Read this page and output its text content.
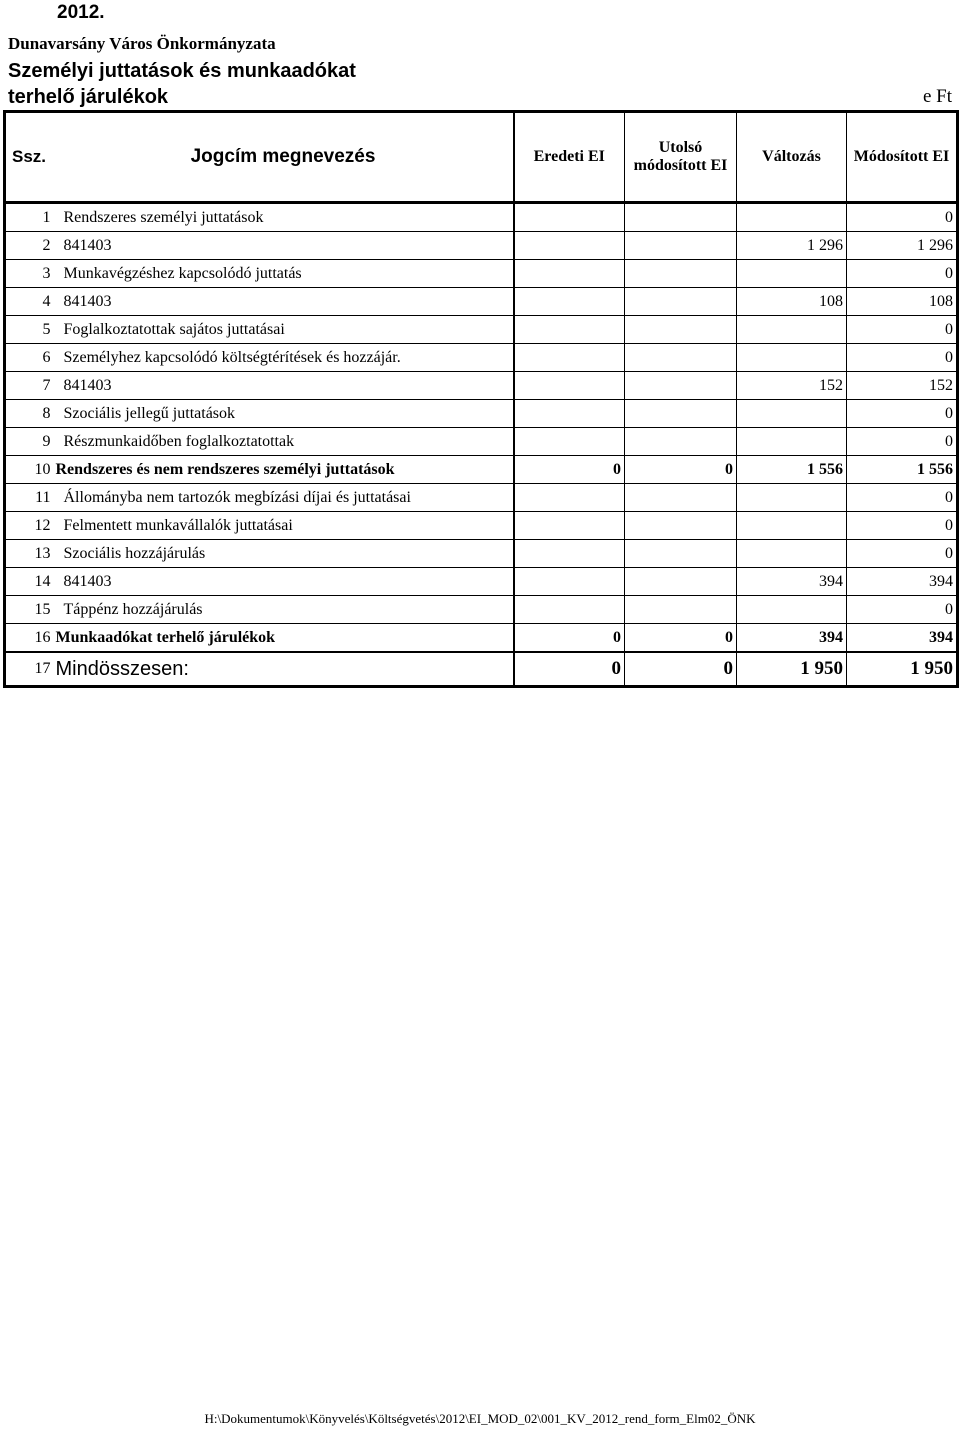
2012.
Dunavarsány Város Önkormányzata
Személyi juttatások és munkaadókat terhelő járulékok	e Ft
Ssz.	Jogcím megnevezés	Eredeti EI	Utolsó módosított EI	Változás	Módosított EI
1	Rendszeres személyi juttatások				0
2	841403			1 296	1 296
3	Munkavégzéshez kapcsolódó juttatás				0
4	841403			108	108
5	Foglalkoztatottak sajátos juttatásai				0
6	Személyhez kapcsolódó költségtérítések és hozzájár.				0
7	841403			152	152
8	Szociális jellegű juttatások				0
9	Részmunkaidőben foglalkoztatottak				0
10	Rendszeres és nem rendszeres személyi juttatások	0	0	1 556	1 556
11	Állományba nem tartozók megbízási díjai és juttatásai				0
12	Felmentett munkavállalók juttatásai				0
13	Szociális hozzájárulás				0
14	841403			394	394
15	Táppénz hozzájárulás				0
16	Munkaadókat terhelő járulékok	0	0	394	394
17	Mindösszesen:	0	0	1 950	1 950
H:\Dokumentumok\Könyvelés\Költségvetés\2012\EI_MOD_02\001_KV_2012_rend_form_Elm02_ÖNK
